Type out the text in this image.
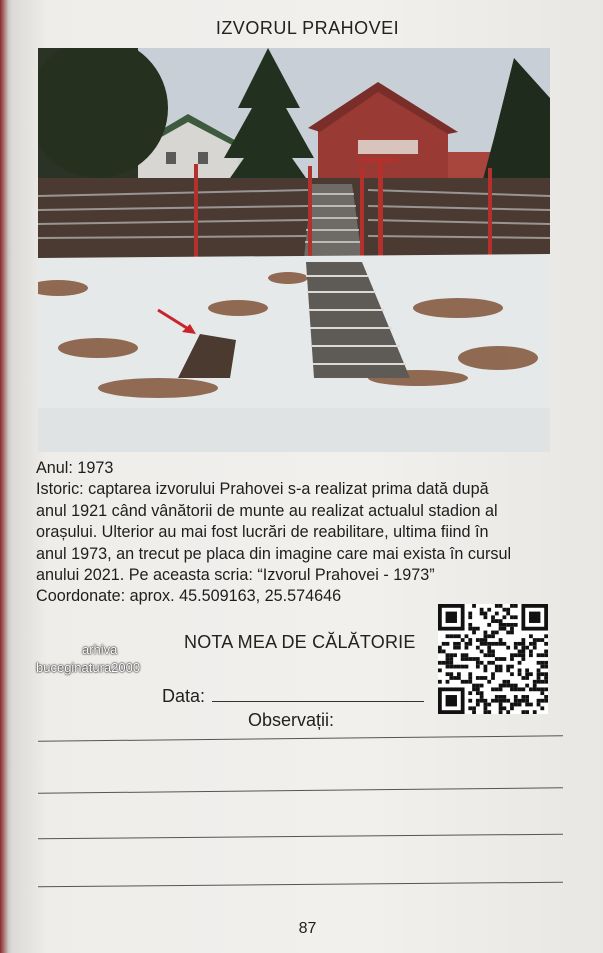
IZVORUL PRAHOVEI
Anul: 1973
Istoric: captarea izvorului Prahovei s-a realizat prima dată după
anul 1921 când vânătorii de munte au realizat actualul stadion al
orașului. Ulterior au mai fost lucrări de reabilitare, ultima fiind în
anul 1973, an trecut pe placa din imagine care mai exista în cursul
anului 2021. Pe aceasta scria: “Izvorul Prahovei - 1973”
Coordonate: aprox. 45.509163, 25.574646
NOTA MEA DE CĂLĂTORIE
arhiva
buceginatura2000
Data:
Observații:
87
